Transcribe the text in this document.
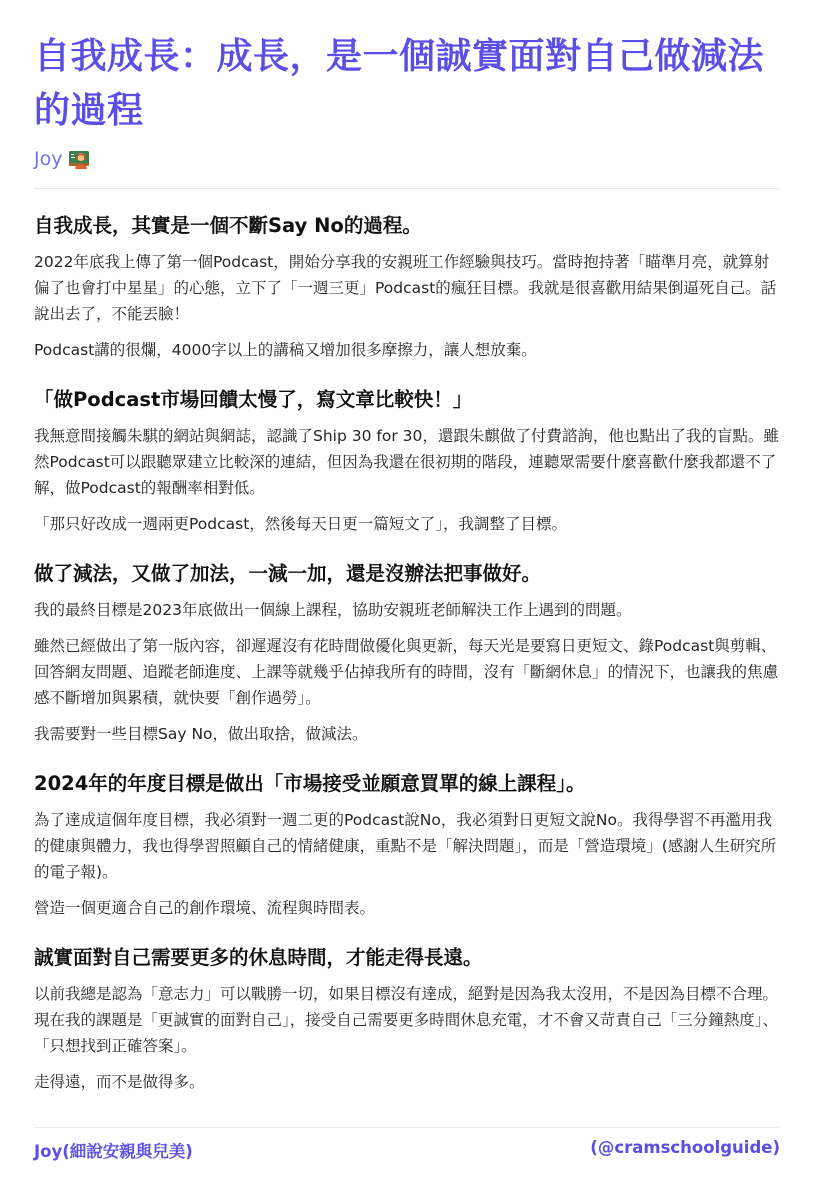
自我成長：成長，是一個誠實面對自己做減法的過程
Joy
自我成長，其實是一個不斷Say No的過程。

2022年底我上傳了第一個Podcast，開始分享我的安親班工作經驗與技巧。當時抱持著「瞄準月亮，就算射偏了也會打中星星」的心態，立下了「一週三更」Podcast的瘋狂目標。我就是很喜歡用結果倒逼死自己。話說出去了，不能丟臉！

Podcast講的很爛，4000字以上的講稿又增加很多摩擦力，讓人想放棄。

「做Podcast市場回饋太慢了，寫文章比較快！」

我無意間接觸朱騏的網站與網誌，認識了Ship 30 for 30，還跟朱麒做了付費諮詢，他也點出了我的盲點。雖然Podcast可以跟聽眾建立比較深的連結，但因為我還在很初期的階段，連聽眾需要什麼喜歡什麼我都還不了解，做Podcast的報酬率相對低。

「那只好改成一週兩更Podcast，然後每天日更一篇短文了」，我調整了目標。

做了減法，又做了加法，一減一加，還是沒辦法把事做好。

我的最終目標是2023年底做出一個線上課程，協助安親班老師解決工作上遇到的問題。

雖然已經做出了第一版內容，卻遲遲沒有花時間做優化與更新，每天光是要寫日更短文、錄Podcast與剪輯、回答網友問題、追蹤老師進度、上課等就幾乎佔掉我所有的時間，沒有「斷網休息」的情況下，也讓我的焦慮感不斷增加與累積，就快要「創作過勞」。

我需要對一些目標Say No，做出取捨，做減法。

2024年的年度目標是做出「市場接受並願意買單的線上課程」。

為了達成這個年度目標，我必須對一週二更的Podcast說No，我必須對日更短文說No。我得學習不再濫用我的健康與體力，我也得學習照顧自己的情緒健康，重點不是「解決問題」，而是「營造環境」(感謝人生研究所的電子報)。

營造一個更適合自己的創作環境、流程與時間表。

誠實面對自己需要更多的休息時間，才能走得長遠。

以前我總是認為「意志力」可以戰勝一切，如果目標沒有達成，絕對是因為我太沒用，不是因為目標不合理。現在我的課題是「更誠實的面對自己」，接受自己需要更多時間休息充電，才不會又苛責自己「三分鐘熱度」、「只想找到正確答案」。

走得遠，而不是做得多。

Joy(細說安親與兒美)	(@cramschoolguide)
